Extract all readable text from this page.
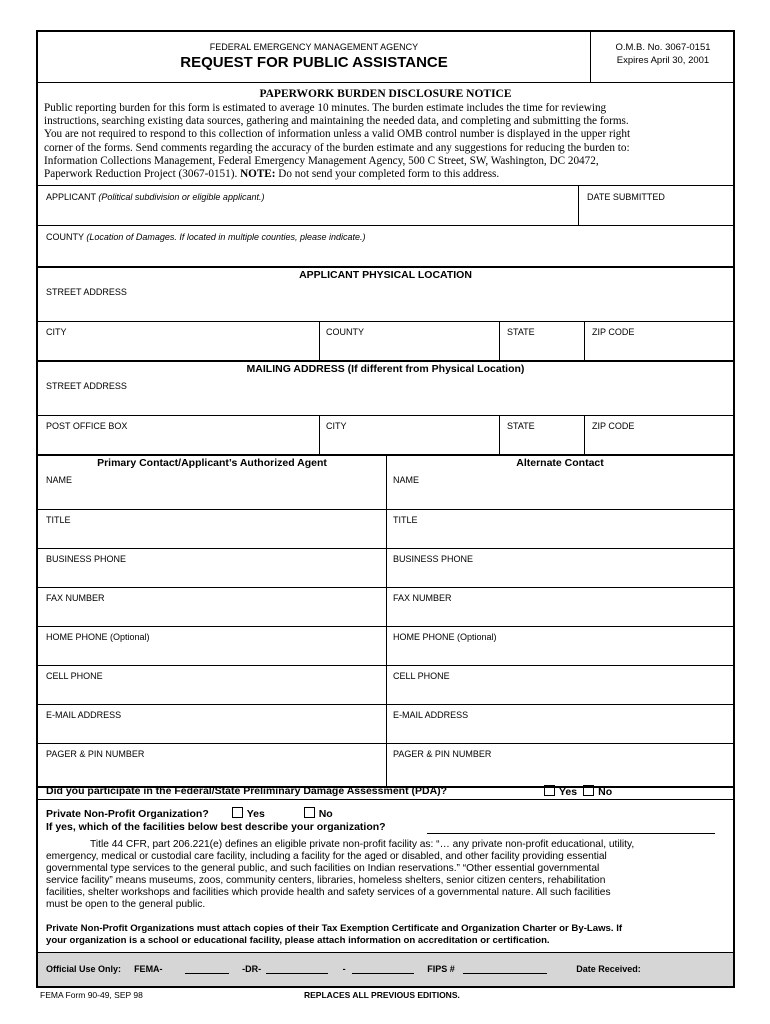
FEDERAL EMERGENCY MANAGEMENT AGENCY
REQUEST FOR PUBLIC ASSISTANCE
O.M.B. No. 3067-0151
Expires April 30, 2001
PAPERWORK BURDEN DISCLOSURE NOTICE
Public reporting burden for this form is estimated to average 10 minutes. The burden estimate includes the time for reviewing
instructions, searching existing data sources, gathering and maintaining the needed data, and completing and submitting the forms.
You are not required to respond to this collection of information unless a valid OMB control number is displayed in the upper right
corner of the forms. Send comments regarding the accuracy of the burden estimate and any suggestions for reducing the burden to:
Information Collections Management, Federal Emergency Management Agency, 500 C Street, SW, Washington, DC 20472,
Paperwork Reduction Project (3067-0151). NOTE: Do not send your completed form to this address.
APPLICANT (Political subdivision or eligible applicant.)	DATE SUBMITTED
COUNTY (Location of Damages. If located in multiple counties, please indicate.)
APPLICANT PHYSICAL LOCATION
STREET ADDRESS
CITY	COUNTY	STATE	ZIP CODE
MAILING ADDRESS (If different from Physical Location)
STREET ADDRESS
POST OFFICE BOX	CITY	STATE	ZIP CODE
Primary Contact/Applicant’s Authorized Agent	Alternate Contact
NAME	NAME
TITLE	TITLE
BUSINESS PHONE	BUSINESS PHONE
FAX NUMBER	FAX NUMBER
HOME PHONE (Optional)	HOME PHONE (Optional)
CELL PHONE	CELL PHONE
E-MAIL ADDRESS	E-MAIL ADDRESS
PAGER & PIN NUMBER	PAGER & PIN NUMBER
Did you participate in the Federal/State Preliminary Damage Assessment (PDA)?	Yes No
Private Non-Profit Organization?	Yes	No
If yes, which of the facilities below best describe your organization?
Title 44 CFR, part 206.221(e) defines an eligible private non-profit facility as: “… any private non-profit educational, utility,
emergency, medical or custodial care facility, including a facility for the aged or disabled, and other facility providing essential
governmental type services to the general public, and such facilities on Indian reservations.” “Other essential governmental
service facility” means museums, zoos, community centers, libraries, homeless shelters, senior citizen centers, rehabilitation
facilities, shelter workshops and facilities which provide health and safety services of a governmental nature. All such facilities
must be open to the general public.
Private Non-Profit Organizations must attach copies of their Tax Exemption Certificate and Organization Charter or By-Laws. If
your organization is a school or educational facility, please attach information on accreditation or certification.
Official Use Only: FEMA-	-DR-	-	FIPS #	Date Received:
FEMA Form 90-49, SEP 98	REPLACES ALL PREVIOUS EDITIONS.
